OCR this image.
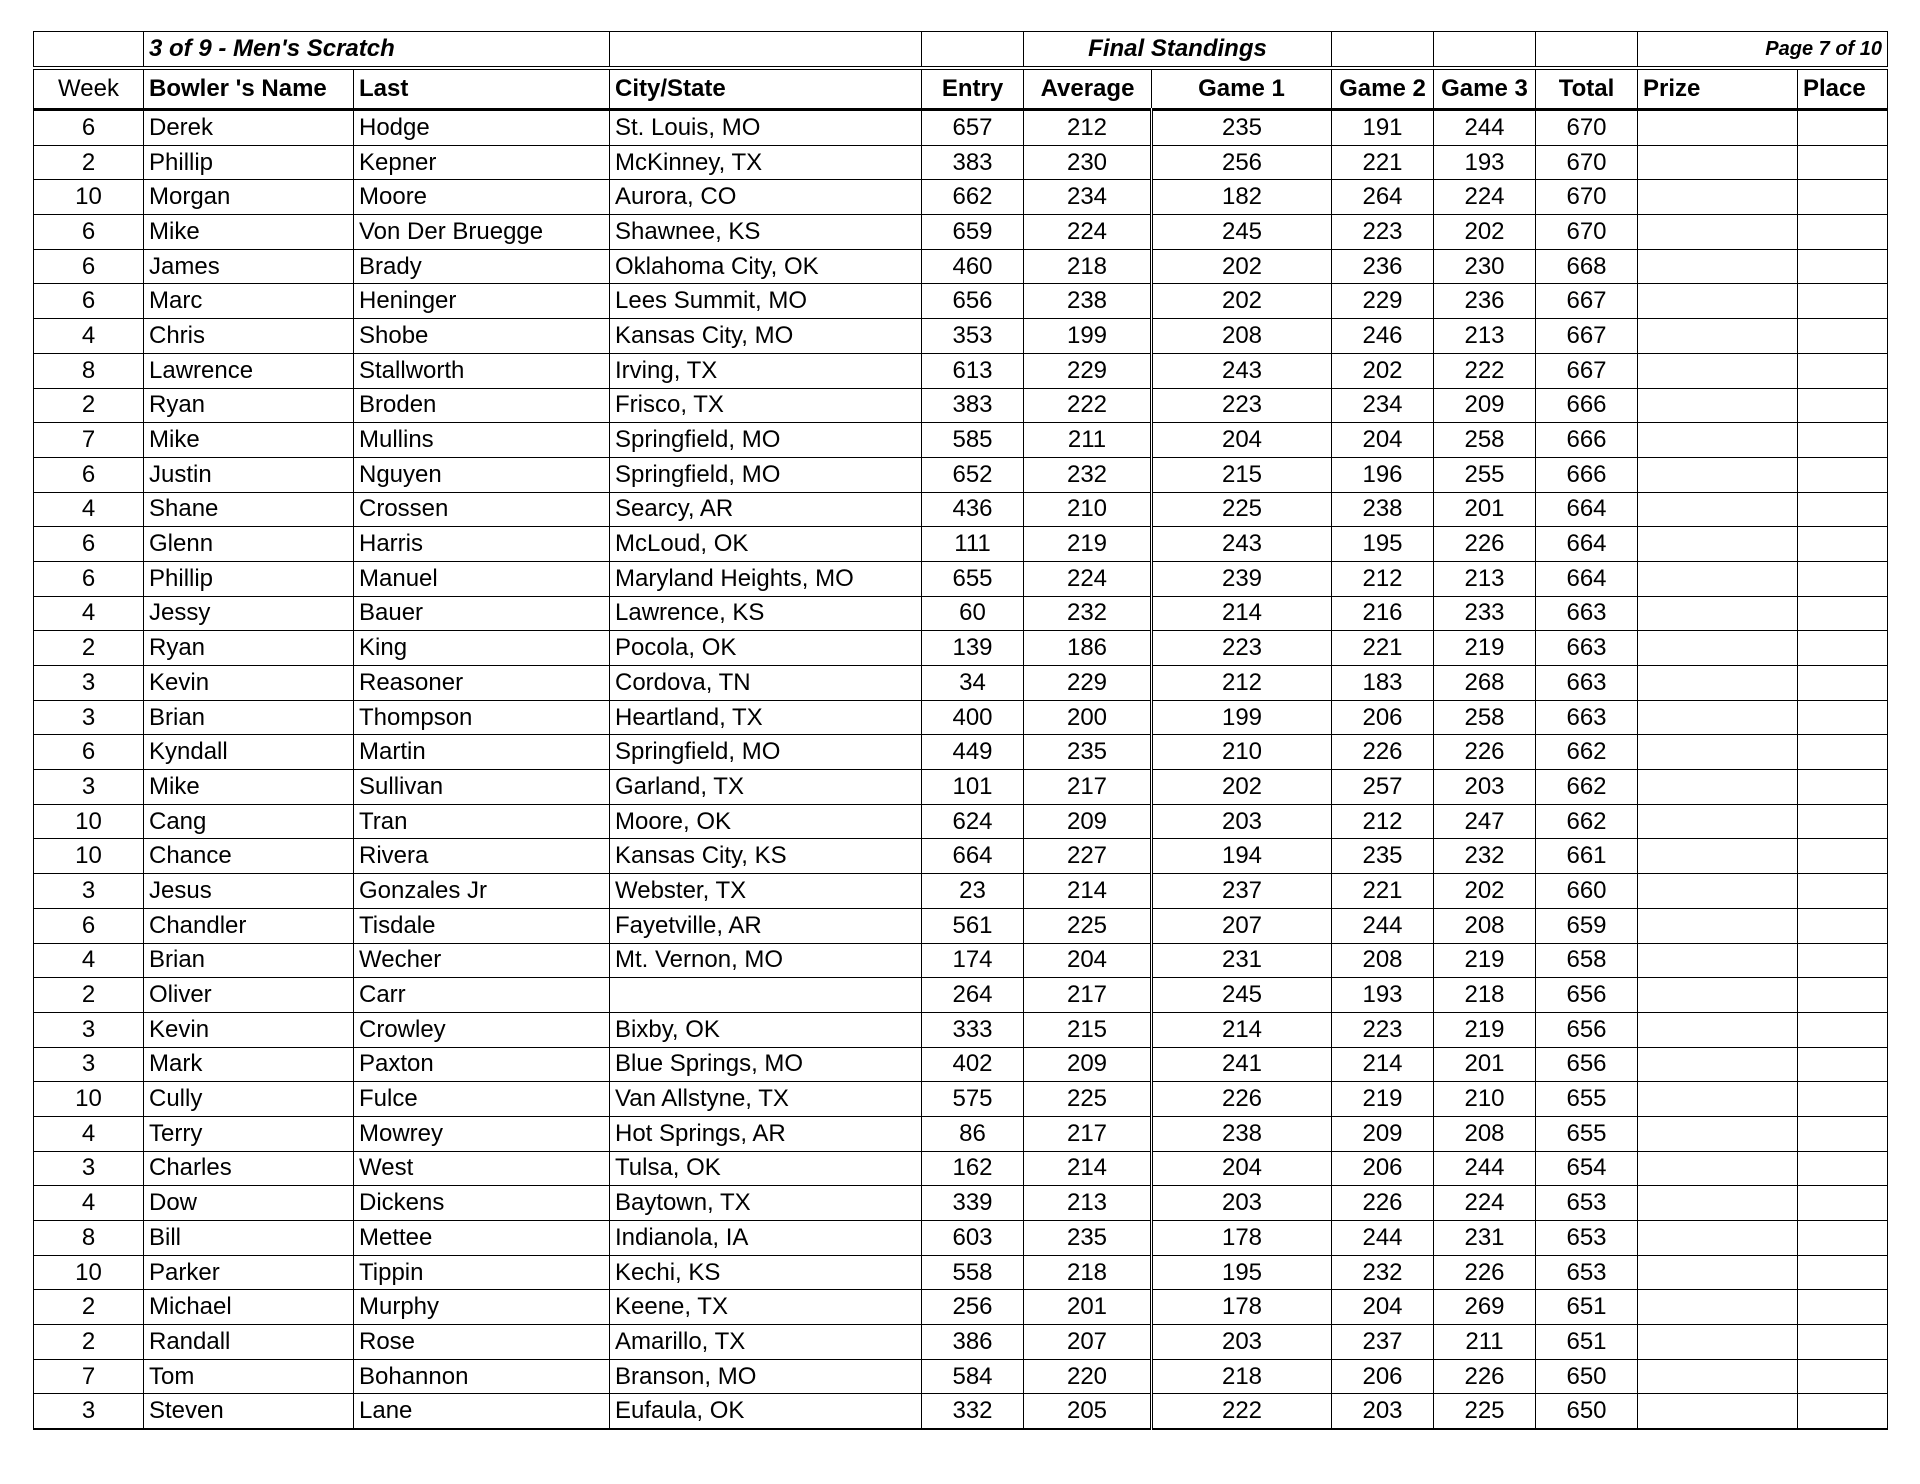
	3 of 9 - Men's Scratch				Final Standings					Page 7 of 10	
Week	Bowler 's Name	Last	City/State	Entry	Average	Game 1	Game 2	Game 3	Total	Prize	Place
6	Derek	Hodge	St. Louis, MO	657	212	235	191	244	670		
2	Phillip	Kepner	McKinney, TX	383	230	256	221	193	670		
10	Morgan	Moore	Aurora, CO	662	234	182	264	224	670		
6	Mike	Von Der Bruegge	Shawnee, KS	659	224	245	223	202	670		
6	James	Brady	Oklahoma City, OK	460	218	202	236	230	668		
6	Marc	Heninger	Lees Summit, MO	656	238	202	229	236	667		
4	Chris	Shobe	Kansas City, MO	353	199	208	246	213	667		
8	Lawrence	Stallworth	Irving, TX	613	229	243	202	222	667		
2	Ryan	Broden	Frisco, TX	383	222	223	234	209	666		
7	Mike	Mullins	Springfield, MO	585	211	204	204	258	666		
6	Justin	Nguyen	Springfield, MO	652	232	215	196	255	666		
4	Shane	Crossen	Searcy, AR	436	210	225	238	201	664		
6	Glenn	Harris	McLoud, OK	111	219	243	195	226	664		
6	Phillip	Manuel	Maryland Heights, MO	655	224	239	212	213	664		
4	Jessy	Bauer	Lawrence, KS	60	232	214	216	233	663		
2	Ryan	King	Pocola, OK	139	186	223	221	219	663		
3	Kevin	Reasoner	Cordova, TN	34	229	212	183	268	663		
3	Brian	Thompson	Heartland, TX	400	200	199	206	258	663		
6	Kyndall	Martin	Springfield, MO	449	235	210	226	226	662		
3	Mike	Sullivan	Garland, TX	101	217	202	257	203	662		
10	Cang	Tran	Moore, OK	624	209	203	212	247	662		
10	Chance	Rivera	Kansas City, KS	664	227	194	235	232	661		
3	Jesus	Gonzales Jr	Webster, TX	23	214	237	221	202	660		
6	Chandler	Tisdale	Fayetville, AR	561	225	207	244	208	659		
4	Brian	Wecher	Mt. Vernon, MO	174	204	231	208	219	658		
2	Oliver	Carr		264	217	245	193	218	656		
3	Kevin	Crowley	Bixby, OK	333	215	214	223	219	656		
3	Mark	Paxton	Blue Springs, MO	402	209	241	214	201	656		
10	Cully	Fulce	Van Allstyne, TX	575	225	226	219	210	655		
4	Terry	Mowrey	Hot Springs, AR	86	217	238	209	208	655		
3	Charles	West	Tulsa, OK	162	214	204	206	244	654		
4	Dow	Dickens	Baytown, TX	339	213	203	226	224	653		
8	Bill	Mettee	Indianola, IA	603	235	178	244	231	653		
10	Parker	Tippin	Kechi, KS	558	218	195	232	226	653		
2	Michael	Murphy	Keene, TX	256	201	178	204	269	651		
2	Randall	Rose	Amarillo, TX	386	207	203	237	211	651		
7	Tom	Bohannon	Branson, MO	584	220	218	206	226	650		
3	Steven	Lane	Eufaula, OK	332	205	222	203	225	650		
